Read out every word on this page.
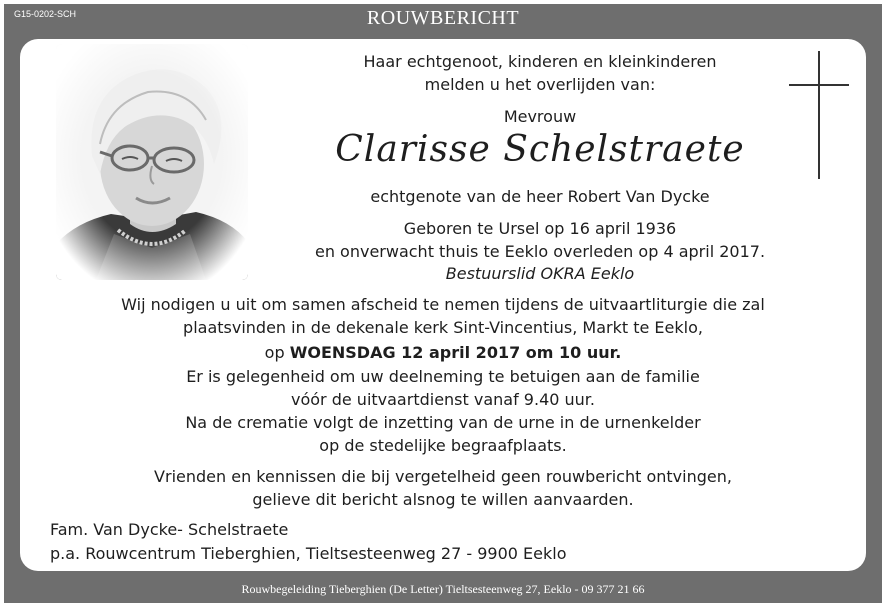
G15-0202-SCH	ROUWBERICHT
Haar echtgenoot, kinderen en kleinkinderen
melden u het overlijden van:
Mevrouw
Clarisse Schelstraete
echtgenote van de heer Robert Van Dycke
Geboren te Ursel op 16 april 1936
en onverwacht thuis te Eeklo overleden op 4 april 2017.
Bestuurslid OKRA Eeklo
Wij nodigen u uit om samen afscheid te nemen tijdens de uitvaartliturgie die zal
plaatsvinden in de dekenale kerk Sint-Vincentius, Markt te Eeklo,
op WOENSDAG 12 april 2017 om 10 uur.
Er is gelegenheid om uw deelneming te betuigen aan de familie
vóór de uitvaartdienst vanaf 9.40 uur.
Na de crematie volgt de inzetting van de urne in de urnenkelder
op de stedelijke begraafplaats.
Vrienden en kennissen die bij vergetelheid geen rouwbericht ontvingen,
gelieve dit bericht alsnog te willen aanvaarden.
Fam. Van Dycke- Schelstraete
p.a. Rouwcentrum Tieberghien, Tieltsesteenweg 27 - 9900 Eeklo
Rouwbegeleiding Tieberghien (De Letter) Tieltsesteenweg 27, Eeklo - 09 377 21 66
